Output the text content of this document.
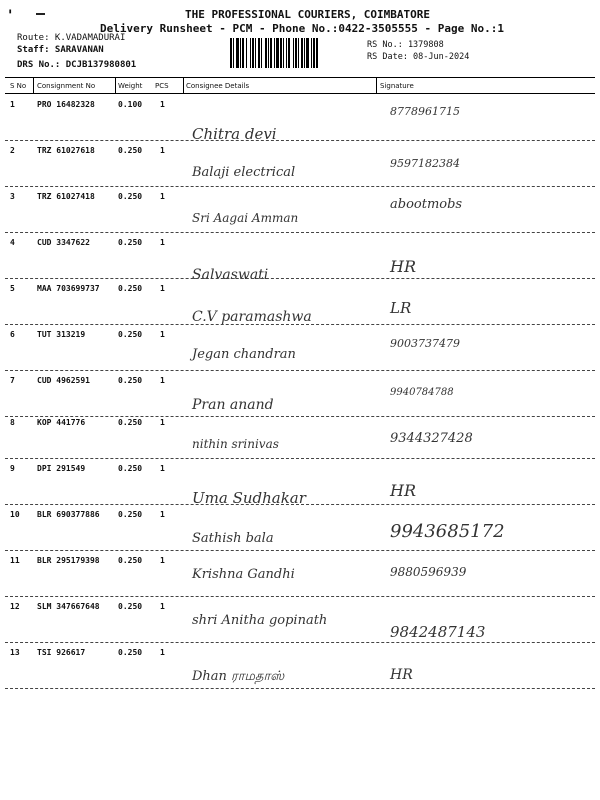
'	THE PROFESSIONAL COURIERS, COIMBATORE
Delivery Runsheet - PCM - Phone No.:0422-3505555 - Page No.:1
Route: K.VADAMADURAI
Staff: SARAVANAN
DRS No.: DCJB137980801
RS No.: 1379808
RS Date: 08-Jun-2024
S No Consignment No	Weight PCS Consignee Details	Signature
1	PRO 16482328	0.100 1
Chitra devi
8778961715
2	TRZ 61027618	0.250 1
Balaji electrical
9597182384
3	TRZ 61027418	0.250 1
Sri Aagai Amman
abootmobs
4	CUD 3347622	0.250 1
Salvaswati	HR
5	MAA 703699737 0.250 1
C.V paramashwa	LR
6	TUT 313219	0.250 1
Jegan chandran
9003737479
7	CUD 4962591	0.250 1
Pran anand
9940784788
8	KOP 441776	0.250 1
nithin srinivas	9344327428
9	DPI 291549	0.250 1
Uma Sudhakar	HR
10 BLR 690377886 0.250 1
Sathish bala	9943685172
11 BLR 295179398 0.250 1
Krishna Gandhi	9880596939
12 SLM 347667648 0.250 1
shri Anitha gopinath
9842487143
13 TSI 926617	0.250 1
Dhan ராமதாஸ்	HR
